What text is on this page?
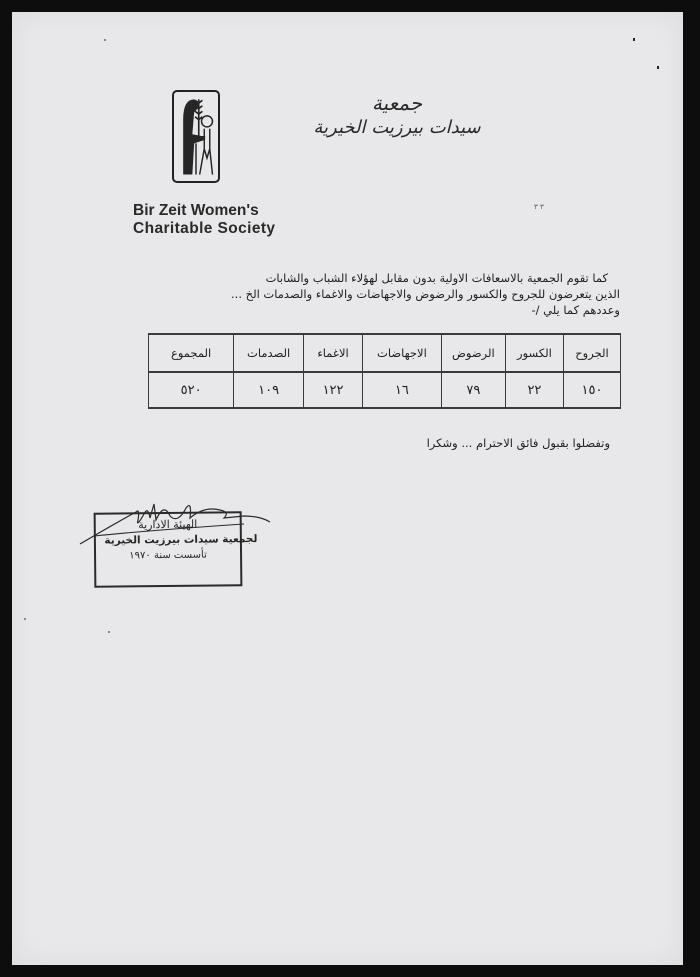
Bir Zeit Women's
Charitable Society
جمعية
سيدات بيرزيت الخيرية
٣ ٣
كما تقوم الجمعية بالاسعافات الاولية بدون مقابل لهؤلاء الشباب والشابات
الذين يتعرضون للجروح والكسور والرضوض والاجهاضات والاغماء والصدمات الخ ...
وعددهم كما يلي /-
الجروح	الكسور	الرضوض	الاجهاضات	الاغماء	الصدمات	المجموع
١٥٠	٢٢	٧٩	١٦	١٢٢	١٠٩	٥٢٠
وتفضلوا بقبول فائق الاحترام ... وشكرا
الهيئة الادارية
لجمعية سيدات بيرزيت الخيرية
تأسست سنة ١٩٧٠
